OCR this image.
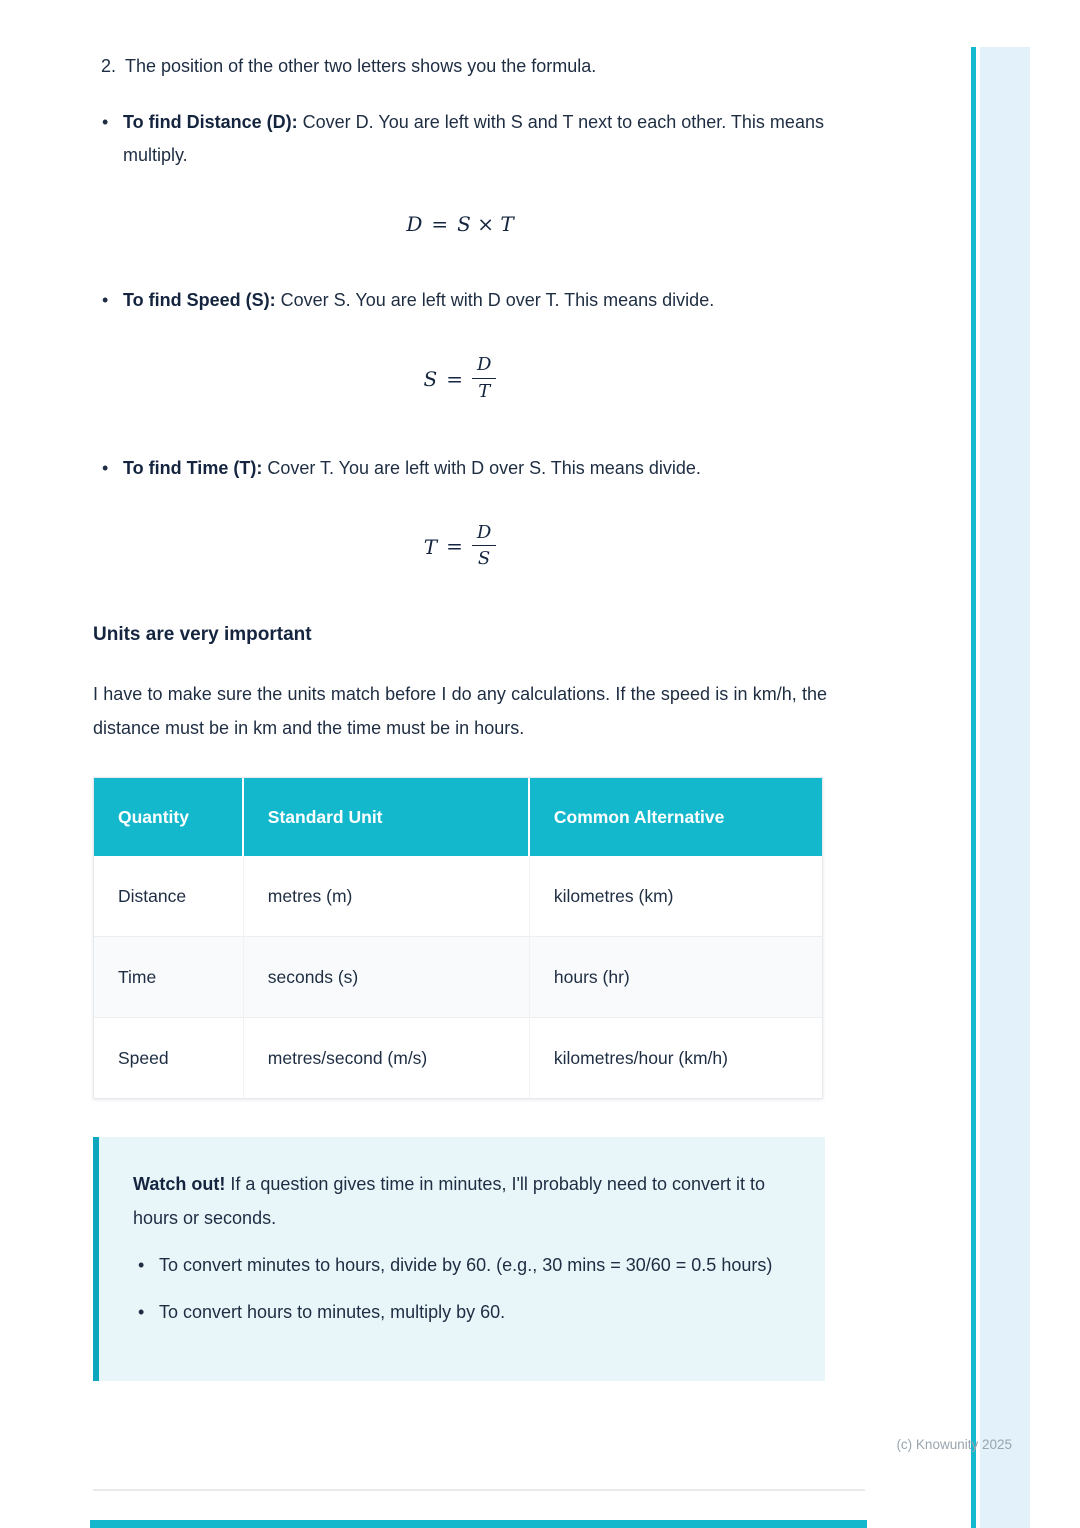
2. The position of the other two letters shows you the formula.
• To find Distance (D): Cover D. You are left with S and T next to each other. This means multiply.
D = S × T
• To find Speed (S): Cover S. You are left with D over T. This means divide.
$S = \frac{D}{T}$
• To find Time (T): Cover T. You are left with D over S. This means divide.
$T = \frac{D}{S}$
Units are very important
I have to make sure the units match before I do any calculations. If the speed is in km/h, the distance must be in km and the time must be in hours.
Quantity	Standard Unit	Common Alternative
Distance	metres (m)	kilometres (km)
Time	seconds (s)	hours (hr)
Speed	metres/second (m/s)	kilometres/hour (km/h)
Watch out! If a question gives time in minutes, I'll probably need to convert it to hours or seconds.
• To convert minutes to hours, divide by 60. (e.g., 30 mins = 30/60 = 0.5 hours)
• To convert hours to minutes, multiply by 60.
(c) Knowunity 2025
